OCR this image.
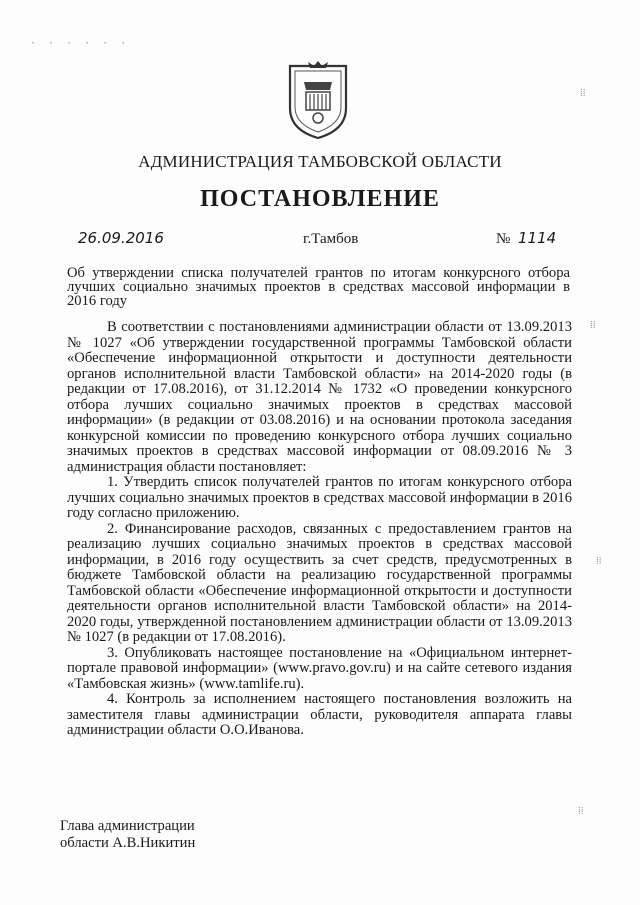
АДМИНИСТРАЦИЯ ТАМБОВСКОЙ ОБЛАСТИ
ПОСТАНОВЛЕНИЕ
26.09.2016	г.Тамбов	№ 1114
Об утверждении списка получателей грантов по итогам конкурсного отбора лучших социально значимых проектов в средствах массовой информации в 2016 году

В соответствии с постановлениями администрации области от 13.09.2013 № 1027 «Об утверждении государственной программы Тамбовской области «Обеспечение информационной открытости и доступности деятельности органов исполнительной власти Тамбовской области» на 2014-2020 годы (в редакции от 17.08.2016), от 31.12.2014 № 1732 «О проведении конкурсного отбора лучших социально значимых проектов в средствах массовой информации» (в редакции от 03.08.2016) и на основании протокола заседания конкурсной комиссии по проведению конкурсного отбора лучших социально значимых проектов в средствах массовой информации от 08.09.2016 № 3 администрация области постановляет:

1. Утвердить список получателей грантов по итогам конкурсного отбора лучших социально значимых проектов в средствах массовой информации в 2016 году согласно приложению.

2. Финансирование расходов, связанных с предоставлением грантов на реализацию лучших социально значимых проектов в средствах массовой информации, в 2016 году осуществить за счет средств, предусмотренных в бюджете Тамбовской области на реализацию государственной программы Тамбовской области «Обеспечение информационной открытости и доступности деятельности органов исполнительной власти Тамбовской области» на 2014-2020 годы, утвержденной постановлением администрации области от 13.09.2013 № 1027 (в редакции от 17.08.2016).

3. Опубликовать настоящее постановление на «Официальном интернет-портале правовой информации» (www.pravo.gov.ru) и на сайте сетевого издания «Тамбовская жизнь» (www.tamlife.ru).

4. Контроль за исполнением настоящего постановления возложить на заместителя главы администрации области, руководителя аппарата главы администрации области О.О.Иванова.

Глава администрации
области А.В.Никитин
· · · · · ·
⁞⁞
⁞⁞
⁞⁞
⁞⁞
